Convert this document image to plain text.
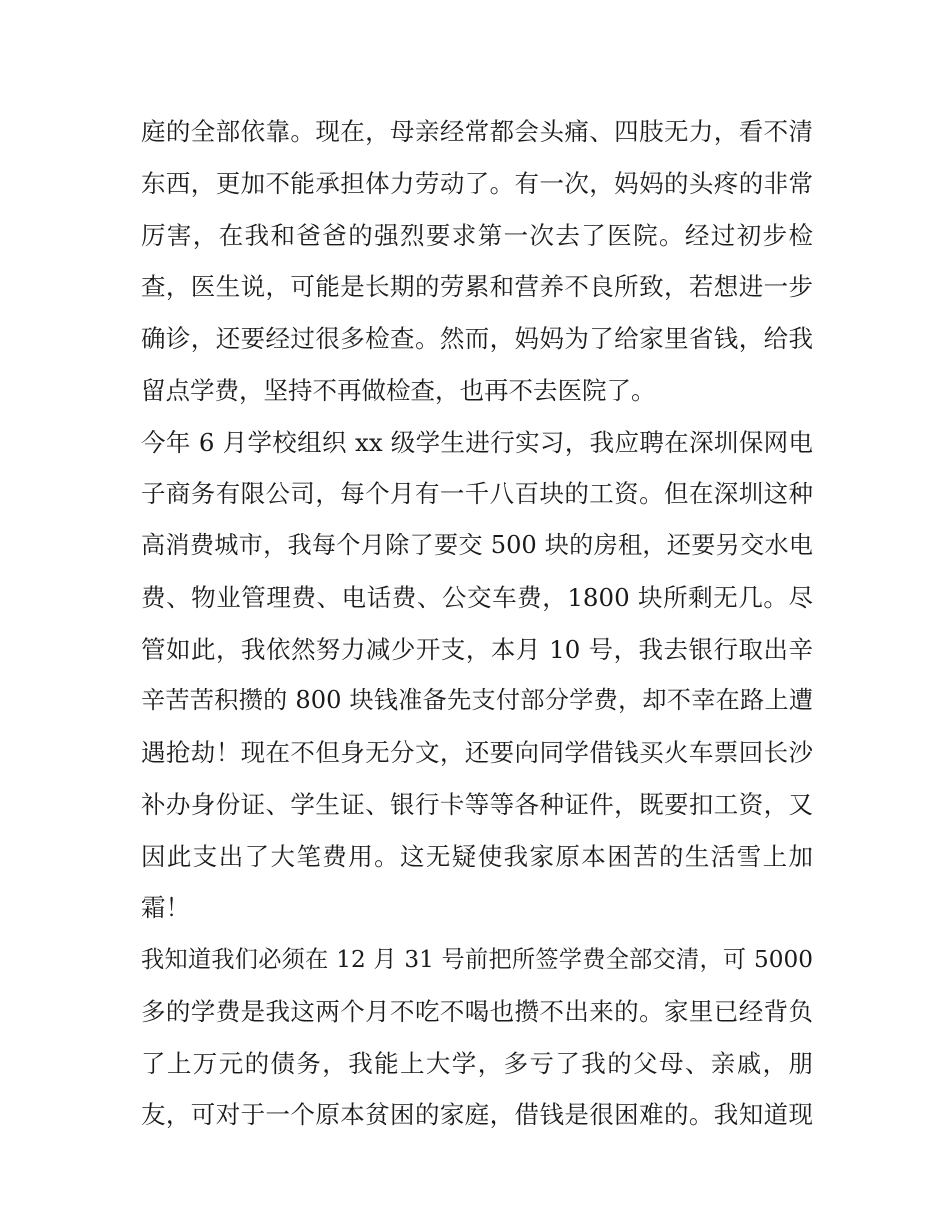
庭的全部依靠。现在，母亲经常都会头痛、四肢无力，看不清
东西，更加不能承担体力劳动了。有一次，妈妈的头疼的非常
厉害，在我和爸爸的强烈要求第一次去了医院。经过初步检
查，医生说，可能是长期的劳累和营养不良所致，若想进一步
确诊，还要经过很多检查。然而，妈妈为了给家里省钱，给我
留点学费，坚持不再做检查，也再不去医院了。
今年 6 月学校组织 xx 级学生进行实习，我应聘在深圳保网电
子商务有限公司，每个月有一千八百块的工资。但在深圳这种
高消费城市，我每个月除了要交 500 块的房租，还要另交水电
费、物业管理费、电话费、公交车费，1800 块所剩无几。尽
管如此，我依然努力减少开支，本月 10 号，我去银行取出辛
辛苦苦积攒的 800 块钱准备先支付部分学费，却不幸在路上遭
遇抢劫！现在不但身无分文，还要向同学借钱买火车票回长沙
补办身份证、学生证、银行卡等等各种证件，既要扣工资，又
因此支出了大笔费用。这无疑使我家原本困苦的生活雪上加
霜！
我知道我们必须在 12 月 31 号前把所签学费全部交清，可 5000
多的学费是我这两个月不吃不喝也攒不出来的。家里已经背负
了上万元的债务，我能上大学，多亏了我的父母、亲戚，朋
友，可对于一个原本贫困的家庭，借钱是很困难的。我知道现
